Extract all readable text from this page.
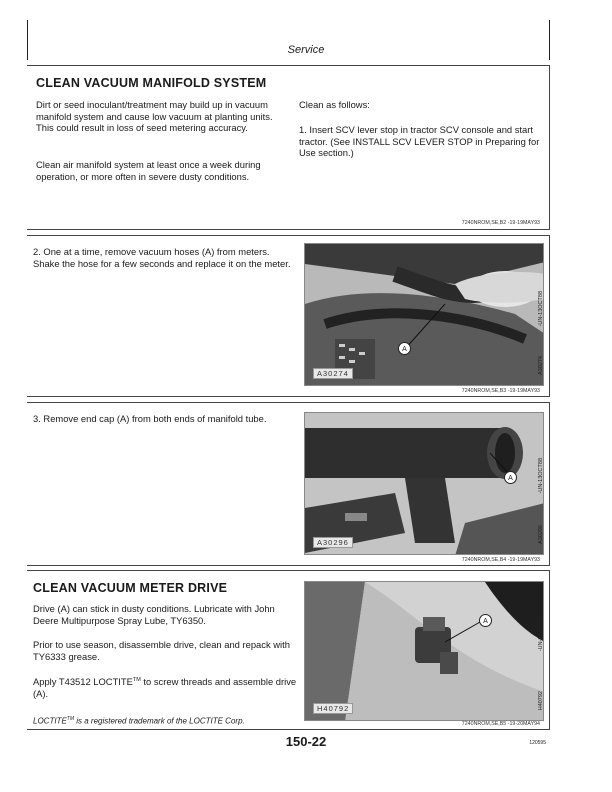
Service
CLEAN VACUUM MANIFOLD SYSTEM
Dirt or seed inoculant/treatment may build up in vacuum manifold system and cause low vacuum at planting units. This could result in loss of seed metering accuracy.
Clean air manifold system at least once a week during operation, or more often in severe dusty conditions.
Clean as follows:
1. Insert SCV lever stop in tractor SCV console and start tractor. (See INSTALL SCV LEVER STOP in Preparing for Use section.)
7240NROM,SE,B2 -19-19MAY93
2. One at a time, remove vacuum hoses (A) from meters. Shake the hose for a few seconds and replace it on the meter.
A
A30274
-UN-13OCT88
A30274
7240NROM,SE,B3 -19-19MAY93
3. Remove end cap (A) from both ends of manifold tube.
A
A30296
-UN-13OCT88
A30296
7240NROM,SE,B4 -19-19MAY93
CLEAN VACUUM METER DRIVE
Drive (A) can stick in dusty conditions. Lubricate with John Deere Multipurpose Spray Lube, TY6350.
Prior to use season, disassemble drive, clean and repack with TY6333 grease.
Apply T43512 LOCTITE™ to screw threads and assemble drive (A).
LOCTITE™ is a registered trademark of the LOCTITE Corp.
A
H40792
-UN-05APR89
H40792
7240NROM,SE,B5 -19-20MAY94
150-22	120595
